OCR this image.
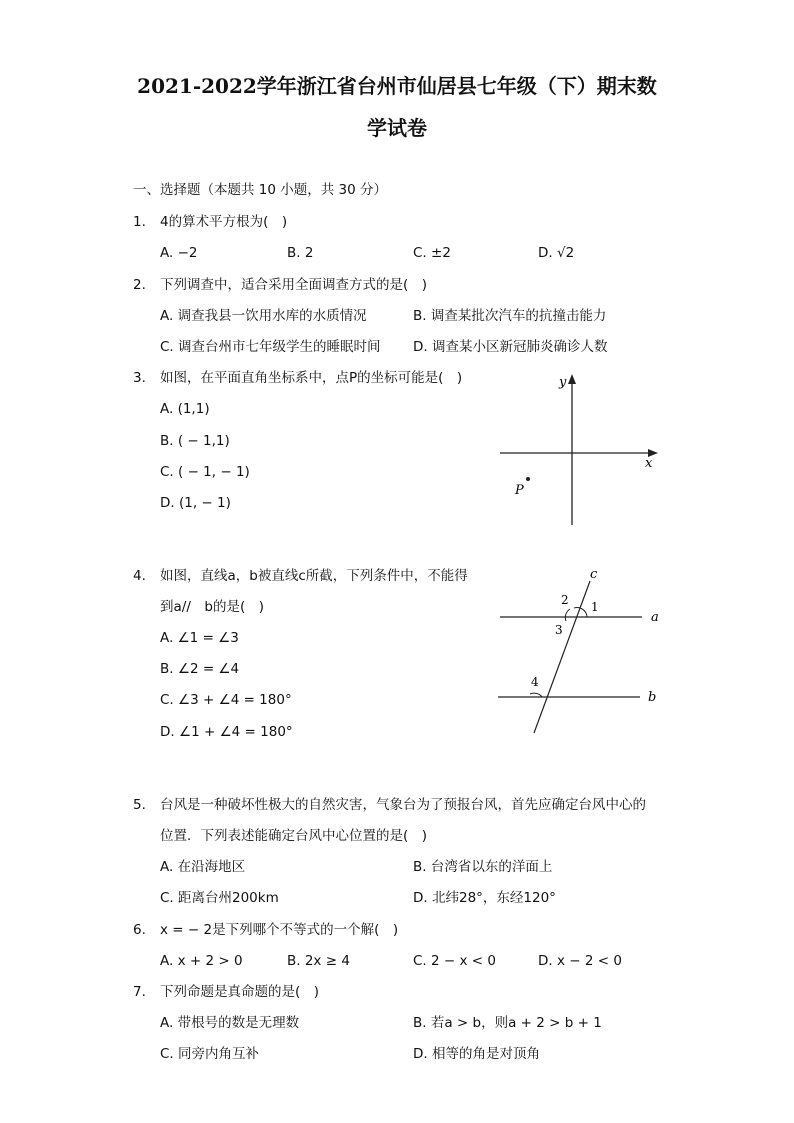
2021-2022学年浙江省台州市仙居县七年级（下）期末数
学试卷
一、选择题（本题共 10 小题，共 30 分）
1. 4的算术平方根为(　)
A. −2	B. 2	C. ±2	D. √2
2. 下列调查中，适合采用全面调查方式的是(　)
A. 调查我县一饮用水库的水质情况	B. 调查某批次汽车的抗撞击能力
C. 调查台州市七年级学生的睡眠时间 D. 调查某小区新冠肺炎确诊人数
3. 如图，在平面直角坐标系中，点P的坐标可能是(　)
A. (1,1)
B. ( − 1,1)
C. ( − 1, − 1)
D. (1, − 1)
y
x
P
4. 如图，直线a，b被直线c所截，下列条件中，不能得
到a//　b的是(　)
A. ∠1 = ∠3
B. ∠2 = ∠4
C. ∠3 + ∠4 = 180°
D. ∠1 + ∠4 = 180°
c
a
b
1
2
3
4
5. 台风是一种破坏性极大的自然灾害，气象台为了预报台风，首先应确定台风中心的
位置．下列表述能确定台风中心位置的是(　)
A. 在沿海地区	B. 台湾省以东的洋面上
C. 距离台州200km	D. 北纬28°，东经120°
6. x = − 2是下列哪个不等式的一个解(　)
A. x + 2 > 0	B. 2x ≥ 4	C. 2 − x < 0	D. x − 2 < 0
7. 下列命题是真命题的是(　)
A. 带根号的数是无理数	B. 若a > b，则a + 2 > b + 1
C. 同旁内角互补	D. 相等的角是对顶角
